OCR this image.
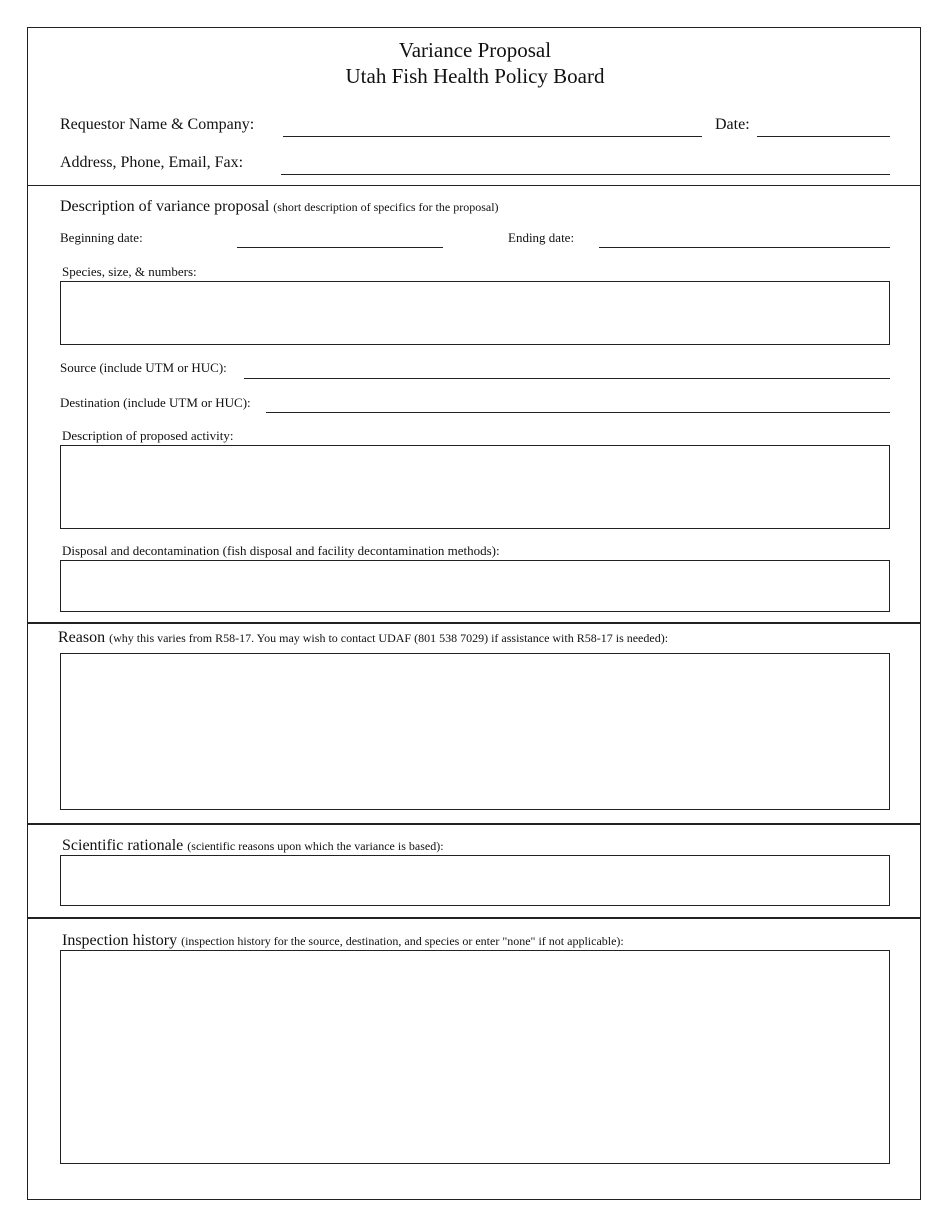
Variance Proposal
Utah Fish Health Policy Board
Requestor Name & Company:	Date:
Address, Phone, Email, Fax:
Description of variance proposal (short description of specifics for the proposal)
Beginning date:	Ending date:
Species, size, & numbers:
Source (include UTM or HUC):
Destination (include UTM or HUC):
Description of proposed activity:
Disposal and decontamination (fish disposal and facility decontamination methods):
Reason (why this varies from R58-17. You may wish to contact UDAF (801 538 7029) if assistance with R58-17 is needed):
Scientific rationale (scientific reasons upon which the variance is based):
Inspection history (inspection history for the source, destination, and species or enter "none" if not applicable):
